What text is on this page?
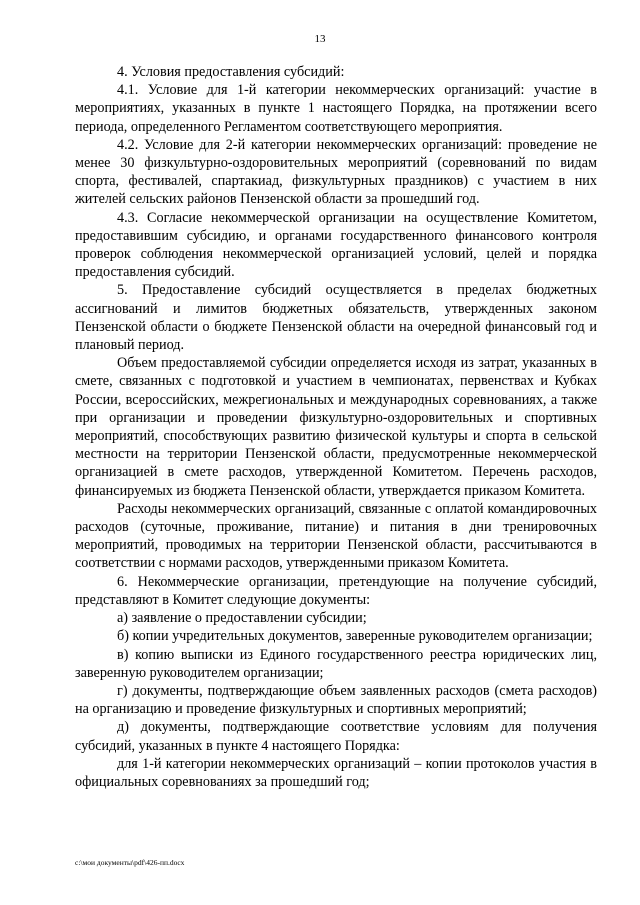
13

4. Условия предоставления субсидий:

4.1. Условие для 1-й категории некоммерческих организаций: участие в мероприятиях, указанных в пункте 1 настоящего Порядка, на протяжении всего периода, определенного Регламентом соответствующего мероприятия.

4.2. Условие для 2-й категории некоммерческих организаций: проведение не менее 30 физкультурно-оздоровительных мероприятий (соревнований по видам спорта, фестивалей, спартакиад, физкультурных праздников) с участием в них жителей сельских районов Пензенской области за прошедший год.

4.3. Согласие некоммерческой организации на осуществление Комитетом, предоставившим субсидию, и органами государственного финансового контроля проверок соблюдения некоммерческой организацией условий, целей и порядка предоставления субсидий.

5. Предоставление субсидий осуществляется в пределах бюджетных ассигнований и лимитов бюджетных обязательств, утвержденных законом Пензенской области о бюджете Пензенской области на очередной финансовый год и плановый период.

Объем предоставляемой субсидии определяется исходя из затрат, указанных в смете, связанных с подготовкой и участием в чемпионатах, первенствах и Кубках России, всероссийских, межрегиональных и международных соревнованиях, а также при организации и проведении физкультурно-оздоровительных и спортивных мероприятий, способствующих развитию физической культуры и спорта в сельской местности на территории Пензенской области, предусмотренные некоммерческой организацией в смете расходов, утвержденной Комитетом. Перечень расходов, финансируемых из бюджета Пензенской области, утверждается приказом Комитета.

Расходы некоммерческих организаций, связанные с оплатой командировочных расходов (суточные, проживание, питание) и питания в дни тренировочных мероприятий, проводимых на территории Пензенской области, рассчитываются в соответствии с нормами расходов, утвержденными приказом Комитета.

6. Некоммерческие организации, претендующие на получение субсидий, представляют в Комитет следующие документы:

а) заявление о предоставлении субсидии;

б) копии учредительных документов, заверенные руководителем организации;

в) копию выписки из Единого государственного реестра юридических лиц, заверенную руководителем организации;

г) документы, подтверждающие объем заявленных расходов (смета расходов) на организацию и проведение физкультурных и спортивных мероприятий;

д) документы, подтверждающие соответствие условиям для получения субсидий, указанных в пункте 4 настоящего Порядка:

для 1-й категории некоммерческих организаций – копии протоколов участия в официальных соревнованиях за прошедший год;

c:\мои документы\pdf\426-пп.docx
